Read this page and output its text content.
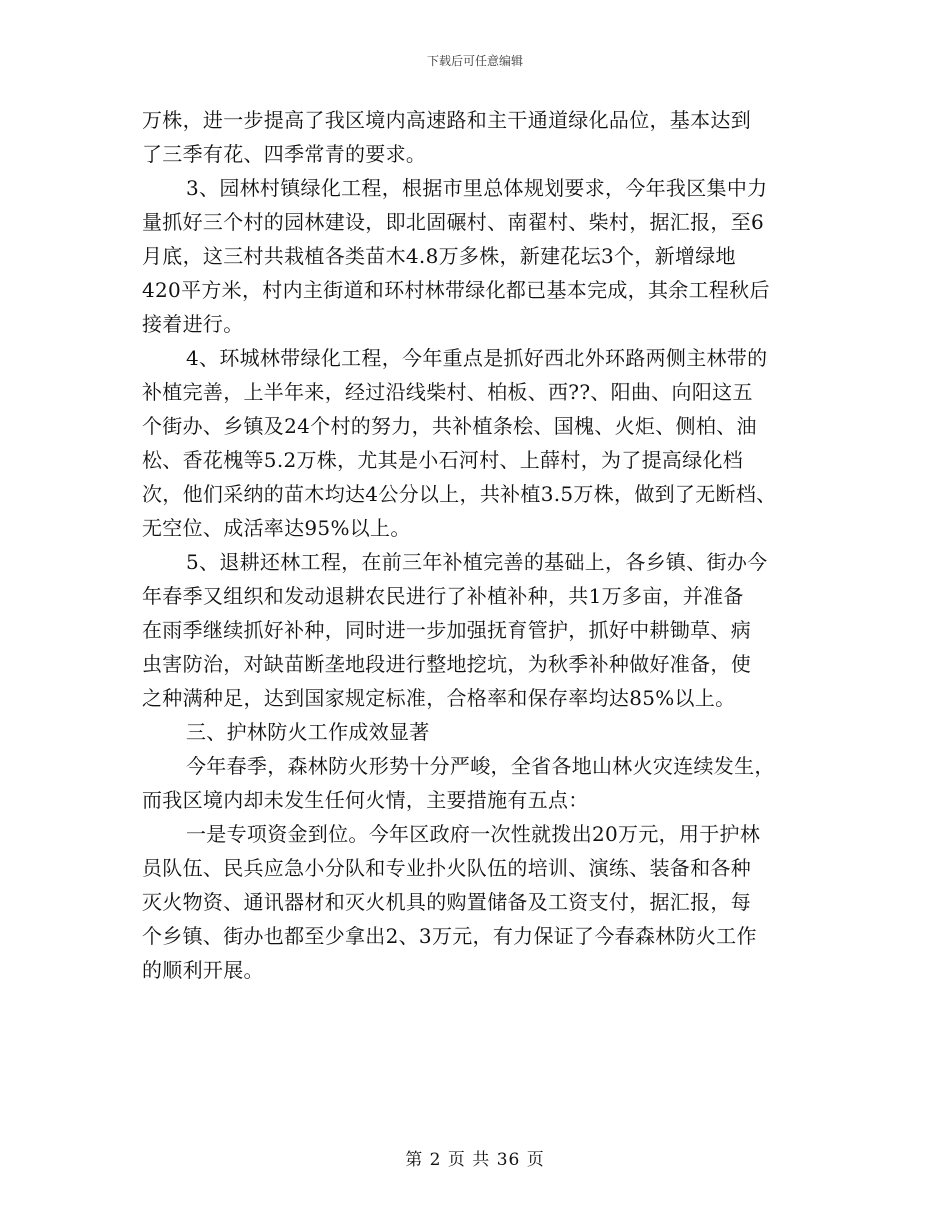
下载后可任意编辑
万株，进一步提高了我区境内高速路和主干通道绿化品位，基本达到
了三季有花、四季常青的要求。
3、园林村镇绿化工程，根据市里总体规划要求，今年我区集中力
量抓好三个村的园林建设，即北固碾村、南翟村、柴村，据汇报，至6
月底，这三村共栽植各类苗木4.8万多株，新建花坛3个，新增绿地
420平方米，村内主街道和环村林带绿化都已基本完成，其余工程秋后
接着进行。
4、环城林带绿化工程，今年重点是抓好西北外环路两侧主林带的
补植完善，上半年来，经过沿线柴村、柏板、西??、阳曲、向阳这五
个街办、乡镇及24个村的努力，共补植条桧、国槐、火炬、侧柏、油
松、香花槐等5.2万株，尤其是小石河村、上薛村，为了提高绿化档
次，他们采纳的苗木均达4公分以上，共补植3.5万株，做到了无断档、
无空位、成活率达95%以上。
5、退耕还林工程，在前三年补植完善的基础上，各乡镇、街办今
年春季又组织和发动退耕农民进行了补植补种，共1万多亩，并准备
在雨季继续抓好补种，同时进一步加强抚育管护，抓好中耕锄草、病
虫害防治，对缺苗断垄地段进行整地挖坑，为秋季补种做好准备，使
之种满种足，达到国家规定标准，合格率和保存率均达85%以上。
三、护林防火工作成效显著
今年春季，森林防火形势十分严峻，全省各地山林火灾连续发生，
而我区境内却未发生任何火情，主要措施有五点：
一是专项资金到位。今年区政府一次性就拨出20万元，用于护林
员队伍、民兵应急小分队和专业扑火队伍的培训、演练、装备和各种
灭火物资、通讯器材和灭火机具的购置储备及工资支付，据汇报，每
个乡镇、街办也都至少拿出2、3万元，有力保证了今春森林防火工作
的顺利开展。
第 2 页 共 36 页
